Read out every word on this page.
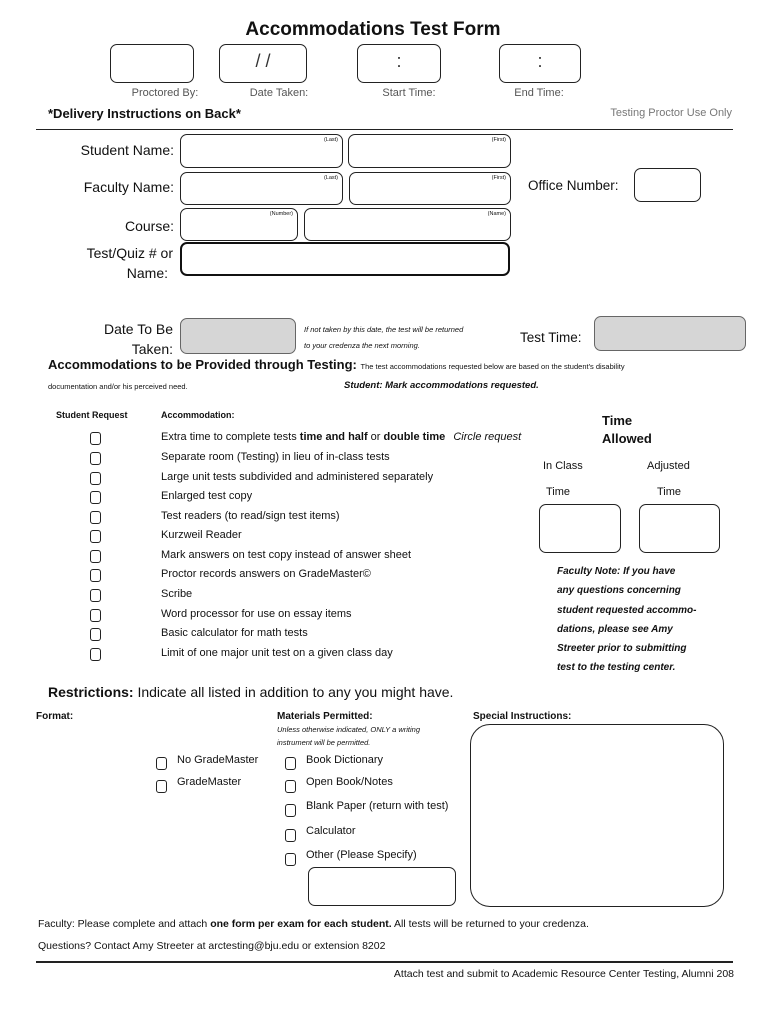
Accommodations Test Form
/ /	:	:
Proctored By:	Date Taken:	Start Time:	End Time:
*Delivery Instructions on Back*	Testing Proctor Use Only
Student Name:
(Last)	(First)
Faculty Name:
(Last)	(First) Office Number:
Course:
(Number)	(Name)
Test/Quiz # or
Name:
Date To Be
Taken:
If not taken by this date, the test will be returned
to your credenza the next morning.
Test Time:
Accommodations to be Provided through Testing: The test accommodations requested below are based on the student's disability
documentation and/or his perceived need.	Student: Mark accommodations requested.
Student Request	Accommodation:
Extra time to complete tests time and half or double time Circle request
Separate room (Testing) in lieu of in-class tests
Large unit tests subdivided and administered separately
Enlarged test copy
Test readers (to read/sign test items)
Kurzweil Reader
Mark answers on test copy instead of answer sheet
Proctor records answers on GradeMaster©
Scribe
Word processor for use on essay items
Basic calculator for math tests
Limit of one major unit test on a given class day
Time
Allowed
In Class	Adjusted
Time	Time
Faculty Note: If you have
any questions concerning
student requested accommo-
dations, please see Amy
Streeter prior to submitting
test to the testing center.
Restrictions: Indicate all listed in addition to any you might have.
Format:
No GradeMaster
GradeMaster
Materials Permitted:
Unless otherwise indicated, ONLY a writing
instrument will be permitted.
Book Dictionary
Open Book/Notes
Blank Paper (return with test)
Calculator
Other (Please Specify)
Special Instructions:
Faculty: Please complete and attach one form per exam for each student. All tests will be returned to your credenza.
Questions? Contact Amy Streeter at arctesting@bju.edu or extension 8202
Attach test and submit to Academic Resource Center Testing, Alumni 208
